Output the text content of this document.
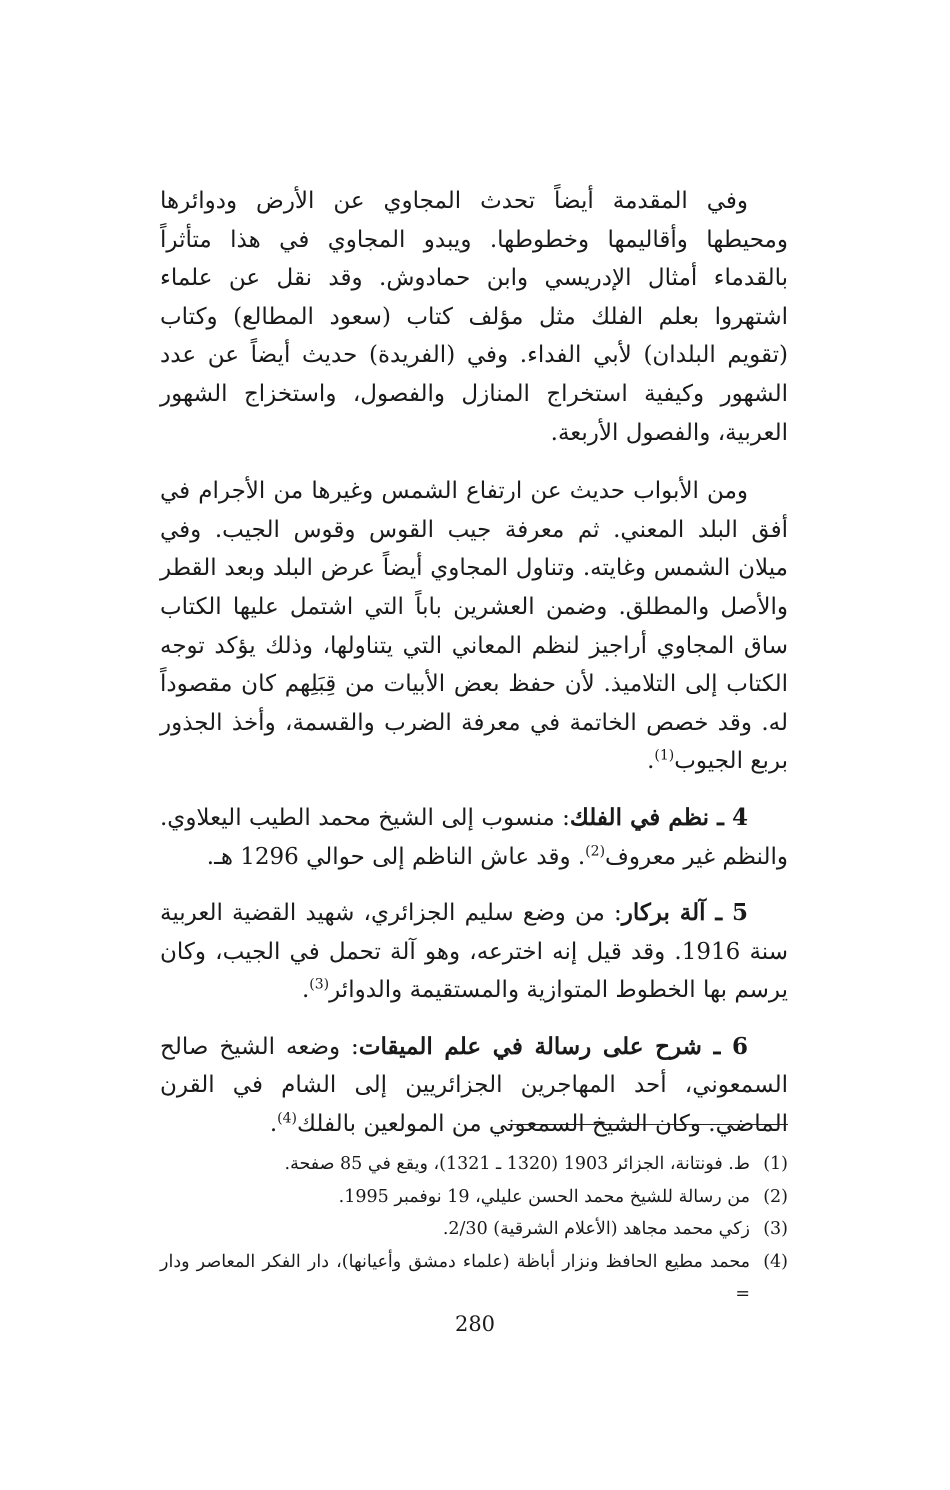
وفي المقدمة أيضاً تحدث المجاوي عن الأرض ودوائرها ومحيطها وأقاليمها وخطوطها. ويبدو المجاوي في هذا متأثراً بالقدماء أمثال الإدريسي وابن حمادوش. وقد نقل عن علماء اشتهروا بعلم الفلك مثل مؤلف كتاب (سعود المطالع) وكتاب (تقويم البلدان) لأبي الفداء. وفي (الفريدة) حديث أيضاً عن عدد الشهور وكيفية استخراج المنازل والفصول، واستخزاج الشهور العربية، والفصول الأربعة.

ومن الأبواب حديث عن ارتفاع الشمس وغيرها من الأجرام في أفق البلد المعني. ثم معرفة جيب القوس وقوس الجيب. وفي ميلان الشمس وغايته. وتناول المجاوي أيضاً عرض البلد وبعد القطر والأصل والمطلق. وضمن العشرين باباً التي اشتمل عليها الكتاب ساق المجاوي أراجيز لنظم المعاني التي يتناولها، وذلك يؤكد توجه الكتاب إلى التلاميذ. لأن حفظ بعض الأبيات من قِبَلِهم كان مقصوداً له. وقد خصص الخاتمة في معرفة الضرب والقسمة، وأخذ الجذور بربع الجيوب$^{(1)}$.

4 ـ نظم في الفلك: منسوب إلى الشيخ محمد الطيب اليعلاوي. والنظم غير معروف$^{(2)}$. وقد عاش الناظم إلى حوالي 1296 هـ.

5 ـ آلة بركار: من وضع سليم الجزائري، شهيد القضية العربية سنة 1916. وقد قيل إنه اخترعه، وهو آلة تحمل في الجيب، وكان يرسم بها الخطوط المتوازية والمستقيمة والدوائر$^{(3)}$.

6 ـ شرح على رسالة في علم الميقات: وضعه الشيخ صالح السمعوني، أحد المهاجرين الجزائريين إلى الشام في القرن الماضي. وكان الشيخ السمعوني من المولعين بالفلك$^{(4)}$.

(1)
ط. فونتانة، الجزائر 1903 (1320 ـ 1321)، ويقع في 85 صفحة.
(2)
من رسالة للشيخ محمد الحسن عليلي، 19 نوفمبر 1995.
(3)
زكي محمد مجاهد (الأعلام الشرقية) 2/30.
(4)
محمد مطيع الحافظ ونزار أباظة (علماء دمشق وأعيانها)، دار الفكر المعاصر ودار =
280
